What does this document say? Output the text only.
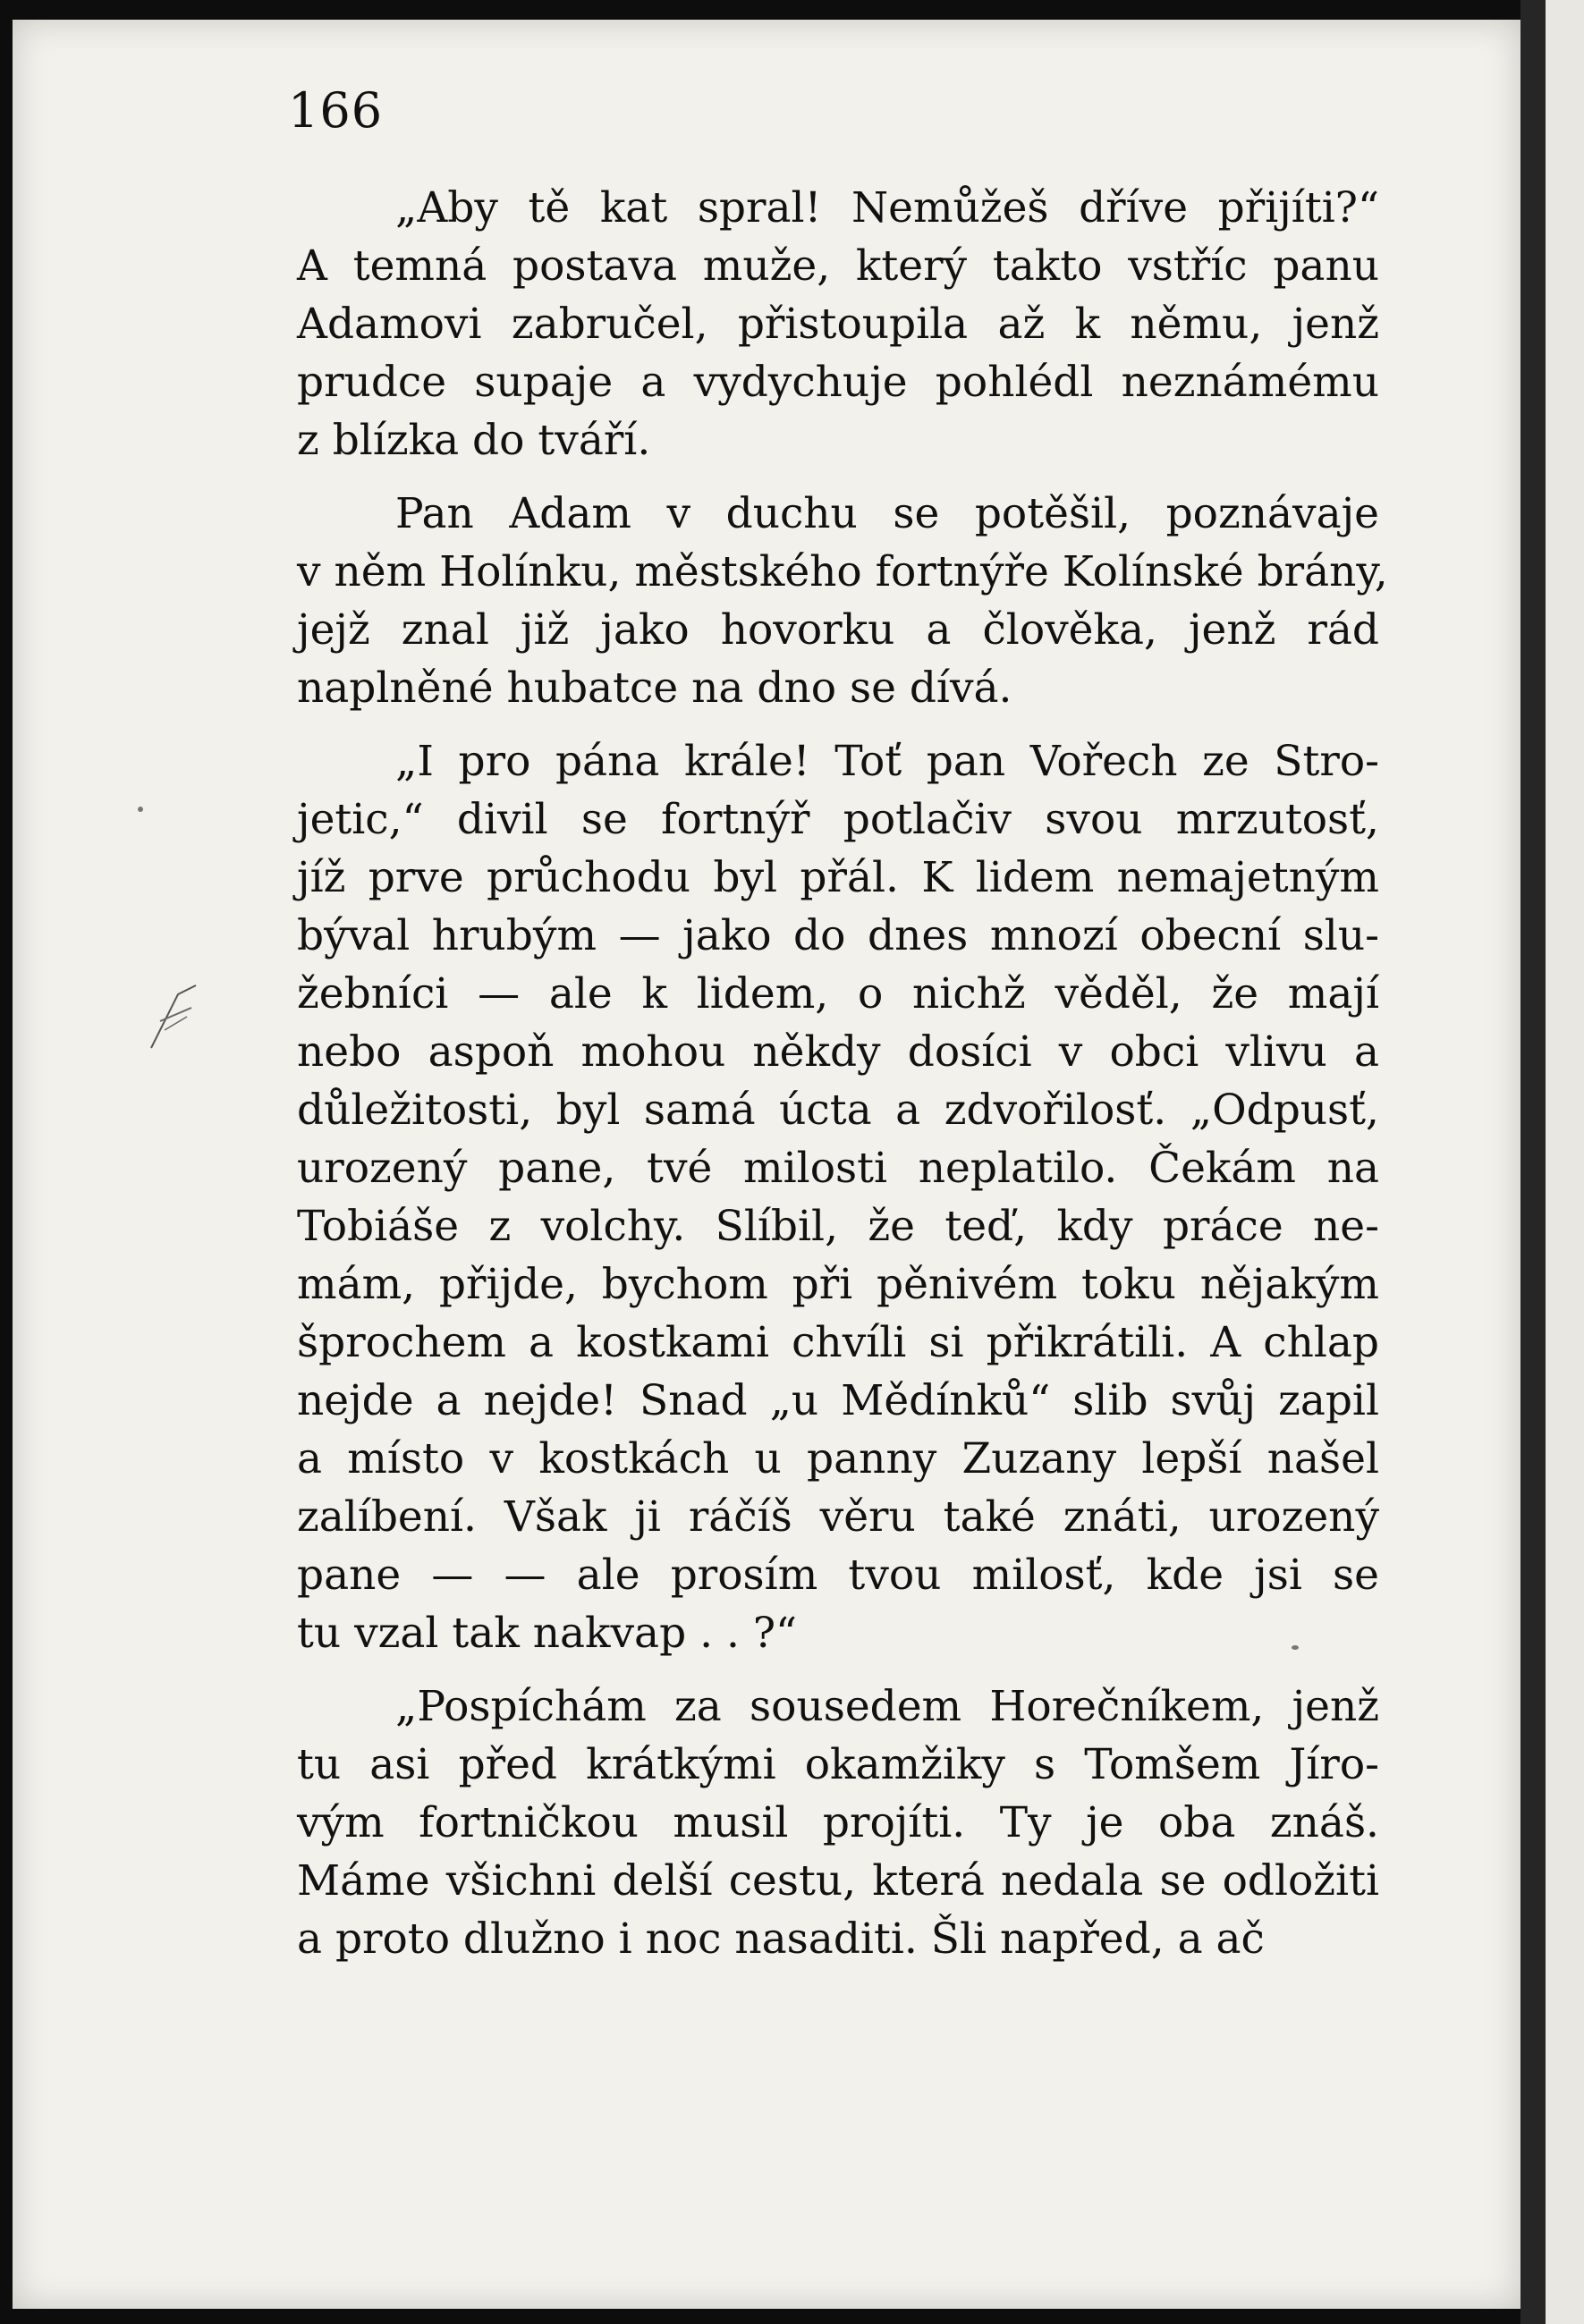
166
„Aby tě kat spral! Nemůžeš dříve přijíti?“
A temná postava muže, který takto vstříc panu
Adamovi zabručel, přistoupila až k němu, jenž
prudce supaje a vydychuje pohlédl neznámému
z blízka do tváří.
Pan Adam v duchu se potěšil, poznávaje
v něm Holínku, městského fortnýře Kolínské brány,
jejž znal již jako hovorku a člověka, jenž rád
naplněné hubatce na dno se dívá.
„I pro pána krále! Toť pan Vořech ze Stro-
jetic,“ divil se fortnýř potlačiv svou mrzutosť,
jíž prve průchodu byl přál. K lidem nemajetným
býval hrubým — jako do dnes mnozí obecní slu-
žebníci — ale k lidem, o nichž věděl, že mají
nebo aspoň mohou někdy dosíci v obci vlivu a
důležitosti, byl samá úcta a zdvořilosť. „Odpusť,
urozený pane, tvé milosti neplatilo. Čekám na
Tobiáše z volchy. Slíbil, že teď, kdy práce ne-
mám, přijde, bychom při pěnivém toku nějakým
šprochem a kostkami chvíli si přikrátili. A chlap
nejde a nejde! Snad „u Mědínků“ slib svůj zapil
a místo v kostkách u panny Zuzany lepší našel
zalíbení. Však ji ráčíš věru také znáti, urozený
pane — — ale prosím tvou milosť, kde jsi se
tu vzal tak nakvap . . ?“
„Pospíchám za sousedem Horečníkem, jenž
tu asi před krátkými okamžiky s Tomšem Jíro-
vým fortničkou musil projíti. Ty je oba znáš.
Máme všichni delší cestu, která nedala se odložiti
a proto dlužno i noc nasaditi. Šli napřed, a ač
